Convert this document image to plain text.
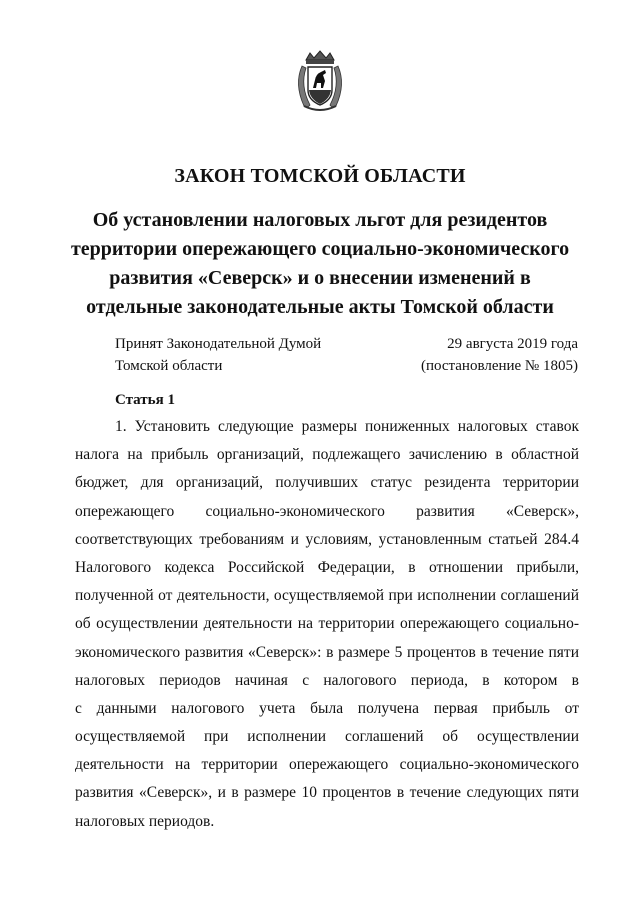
ЗАКОН ТОМСКОЙ ОБЛАСТИ
Об установлении налоговых льгот для резидентов
территории опережающего социально-экономического
развития «Северск» и о внесении изменений в
отдельные законодательные акты Томской области
Принят Законодательной Думой
Томской области
29 августа 2019 года
(постановление № 1805)
Статья 1
1. Установить следующие размеры пониженных налоговых ставок
налога на прибыль организаций, подлежащего зачислению в областной
бюджет, для организаций, получивших статус резидента территории
опережающего социально-экономического развития «Северск»,
соответствующих требованиям и условиям, установленным статьей 284.4
Налогового кодекса Российской Федерации, в отношении прибыли,
полученной от деятельности, осуществляемой при исполнении соглашений
об осуществлении деятельности на территории опережающего социально-
экономического развития «Северск»: в размере 5 процентов в течение пяти
налоговых периодов начиная с налогового периода, в котором в
с данными налогового учета была получена первая прибыль от
осуществляемой при исполнении соглашений об осуществлении
деятельности на территории опережающего социально-экономического
развития «Северск», и в размере 10 процентов в течение следующих пяти
налоговых периодов.
